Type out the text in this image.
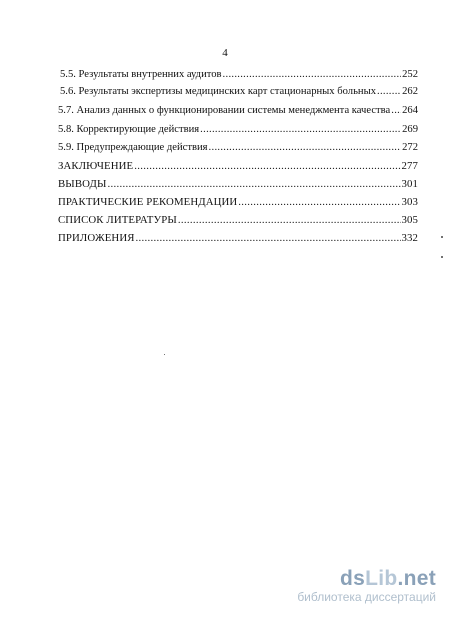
4
5.5. Результаты внутренних аудитов .....	252
5.6. Результаты экспертизы медицинских карт стационарных больных ..... 262
5.7. Анализ данных о функционировании системы менеджмента качества ..... 264
5.8. Корректирующие действия .....	269
5.9. Предупреждающие действия .....	272
ЗАКЛЮЧЕНИЕ .....	277
ВЫВОДЫ .....	301
ПРАКТИЧЕСКИЕ РЕКОМЕНДАЦИИ .....	303
СПИСОК ЛИТЕРАТУРЫ .....	305
ПРИЛОЖЕНИЯ .....	332
dsLib.net
библиотека диссертаций
